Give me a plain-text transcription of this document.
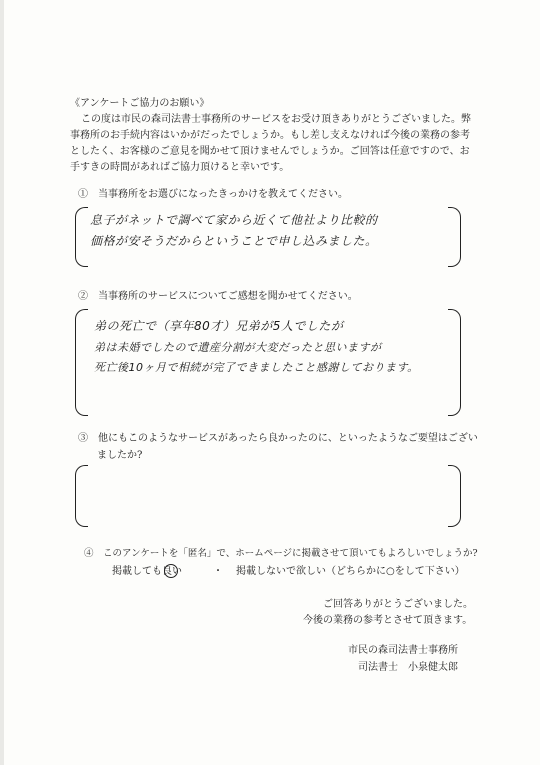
《アンケートご協力のお願い》
この度は市民の森司法書士事務所のサービスをお受け頂きありがとうございました。弊
事務所のお手続内容はいかがだったでしょうか。もし差し支えなければ今後の業務の参考
としたく、お客様のご意見を聞かせて頂けませんでしょうか。ご回答は任意ですので、お
手すきの時間があればご協力頂けると幸いです。
①　当事務所をお選びになったきっかけを教えてください。
息子がネットで調べて家から近くて他社より比較的
価格が安そうだからということで申し込みました。
②　当事務所のサービスについてご感想を聞かせてください。
弟の死亡で（享年80才）兄弟が5人でしたが
弟は未婚でしたので遺産分割が大変だったと思いますが
死亡後10ヶ月で相続が完了できましたこと感謝しております。
③　他にもこのようなサービスがあったら良かったのに、といったようなご要望はござい
ましたか?
④　このアンケートを「匿名」で、ホームページに掲載させて頂いてもよろしいでしょうか?
掲載しても良い	・ 掲載しないで欲しい （どちらかに○をして下さい）
ご回答ありがとうございました。
今後の業務の参考とさせて頂きます。
市民の森司法書士事務所
司法書士　小泉健太郎
